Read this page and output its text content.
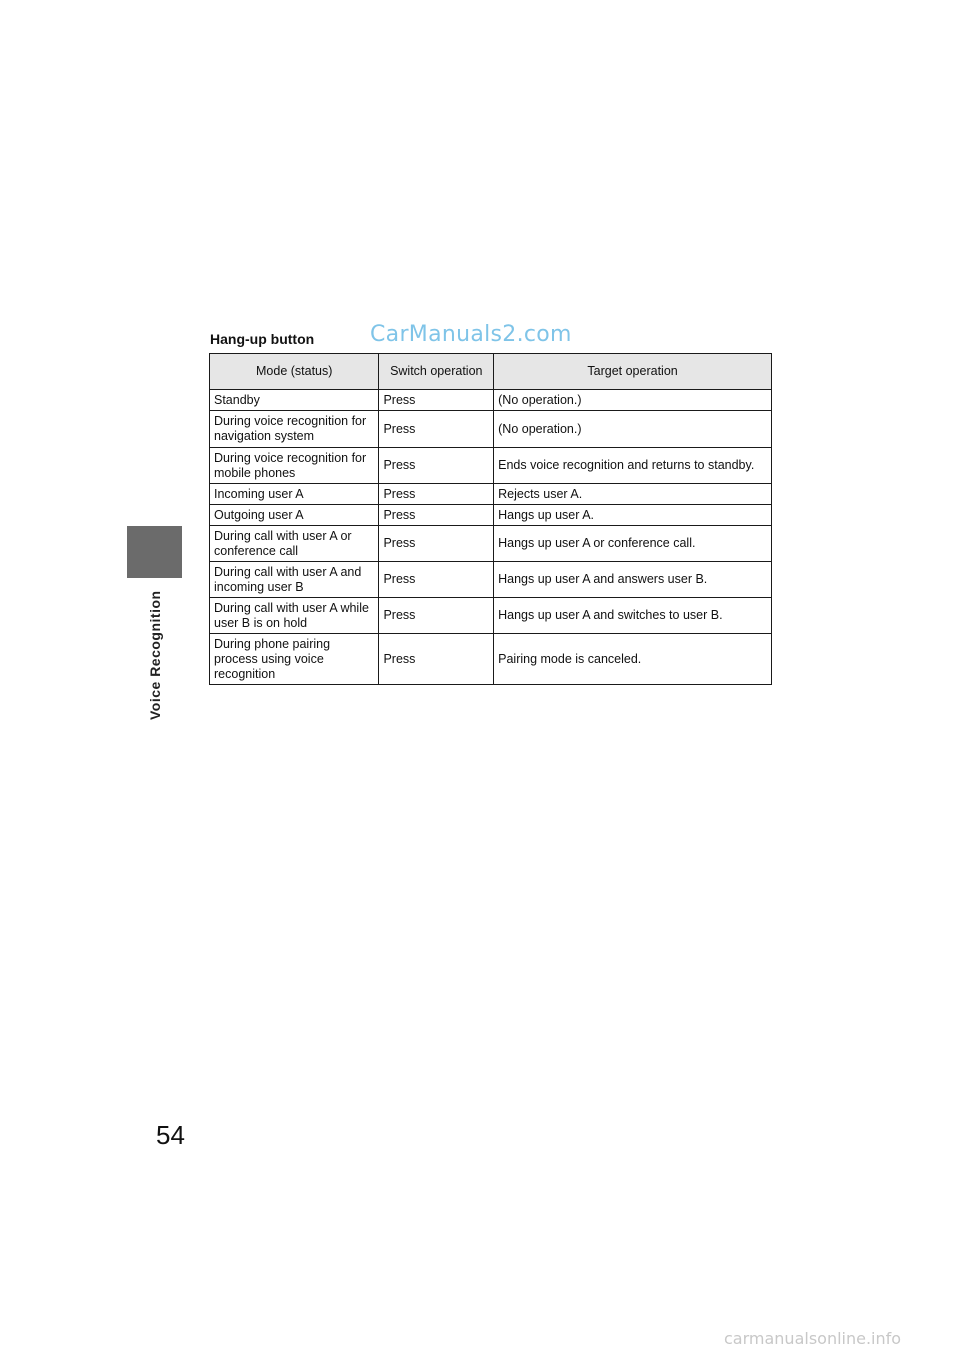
Voice Recognition
54
Hang-up button	CarManuals2.com
Mode (status)	Switch operation	Target operation
Standby	Press	(No operation.)
During voice recognition for navigation system	Press	(No operation.)
During voice recognition for mobile phones	Press	Ends voice recognition and returns to standby.
Incoming user A	Press	Rejects user A.
Outgoing user A	Press	Hangs up user A.
During call with user A or conference call	Press	Hangs up user A or conference call.
During call with user A and incoming user B	Press	Hangs up user A and answers user B.
During call with user A while user B is on hold	Press	Hangs up user A and switches to user B.
During phone pairing process using voice recognition	Press	Pairing mode is canceled.
carmanualsonline.info
